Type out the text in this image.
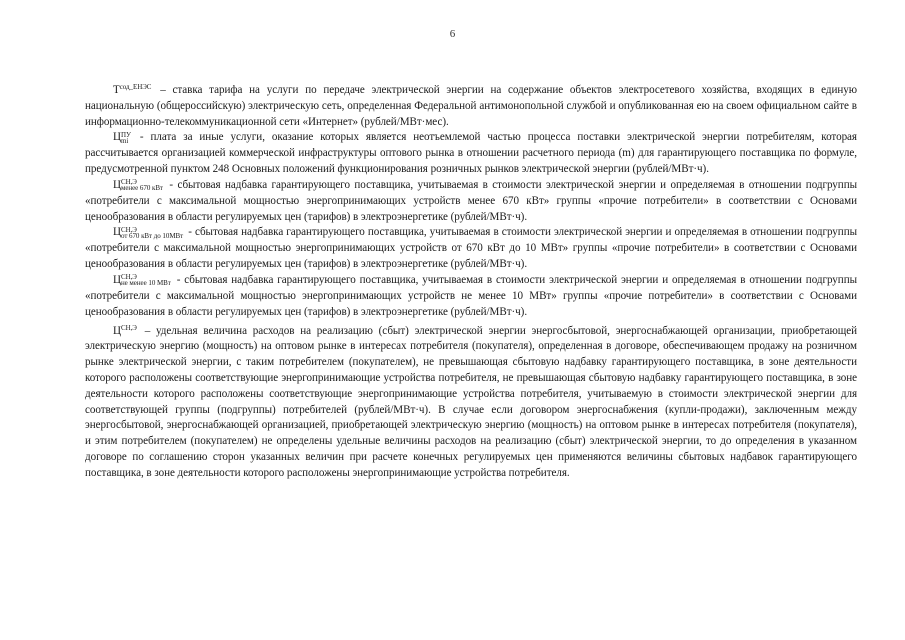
6

$T^{сод\_ЕНЭС}$ – ставка тарифа на услуги по передаче электрической энергии на содержание объектов электросетевого хозяйства, входящих в единую национальную (общероссийскую) электрическую сеть, определенная Федеральной антимонопольной службой и опубликованная ею на своем официальном сайте в информационно-телекоммуникационной сети «Интернет» (рублей/МВт·мес).

Ц ПУ
mi - плата за иные услуги, оказание которых является неотъемлемой частью процесса поставки электрической энергии потребителям, которая рассчитывается организацией коммерческой инфраструктуры оптового рынка в отношении расчетного периода (m) для гарантирующего поставщика по формуле, предусмотренной пунктом 248 Основных положений функционирования розничных рынков электрической энергии (рублей/МВт·ч).

Ц СН,Э
менее 670 кВт - сбытовая надбавка гарантирующего поставщика, учитываемая в стоимости электрической энергии и определяемая в отношении подгруппы «потребители с максимальной мощностью энергопринимающих устройств менее 670 кВт» группы «прочие потребители» в соответствии с Основами ценообразования в области регулируемых цен (тарифов) в электроэнергетике (рублей/МВт·ч).

Ц СН,Э
от 670 кВт до 10МВт - сбытовая надбавка гарантирующего поставщика, учитываемая в стоимости электрической энергии и определяемая в отношении подгруппы «потребители с максимальной мощностью энергопринимающих устройств от 670 кВт до 10 МВт» группы «прочие потребители» в соответствии с Основами ценообразования в области регулируемых цен (тарифов) в электроэнергетике (рублей/МВт·ч).

Ц СН,Э
не менее 10 МВт - сбытовая надбавка гарантирующего поставщика, учитываемая в стоимости электрической энергии и определяемая в отношении подгруппы «потребители с максимальной мощностью энергопринимающих устройств не менее 10 МВт» группы «прочие потребители» в соответствии с Основами ценообразования в области регулируемых цен (тарифов) в электроэнергетике (рублей/МВт·ч).

$Ц^{СН,Э}$ – удельная величина расходов на реализацию (сбыт) электрической энергии энергосбытовой, энергоснабжающей организации, приобретающей электрическую энергию (мощность) на оптовом рынке в интересах потребителя (покупателя), определенная в договоре, обеспечивающем продажу на розничном рынке электрической энергии, с таким потребителем (покупателем), не превышающая сбытовую надбавку гарантирующего поставщика, в зоне деятельности которого расположены соответствующие энергопринимающие устройства потребителя, не превышающая сбытовую надбавку гарантирующего поставщика, в зоне деятельности которого расположены соответствующие энергопринимающие устройства потребителя, учитываемую в стоимости электрической энергии для соответствующей группы (подгруппы) потребителей (рублей/МВт·ч). В случае если договором энергоснабжения (купли-продажи), заключенным между энергосбытовой, энергоснабжающей организацией, приобретающей электрическую энергию (мощность) на оптовом рынке в интересах потребителя (покупателя), и этим потребителем (покупателем) не определены удельные величины расходов на реализацию (сбыт) электрической энергии, то до определения в указанном договоре по соглашению сторон указанных величин при расчете конечных регулируемых цен применяются величины сбытовых надбавок гарантирующего поставщика, в зоне деятельности которого расположены энергопринимающие устройства потребителя.
